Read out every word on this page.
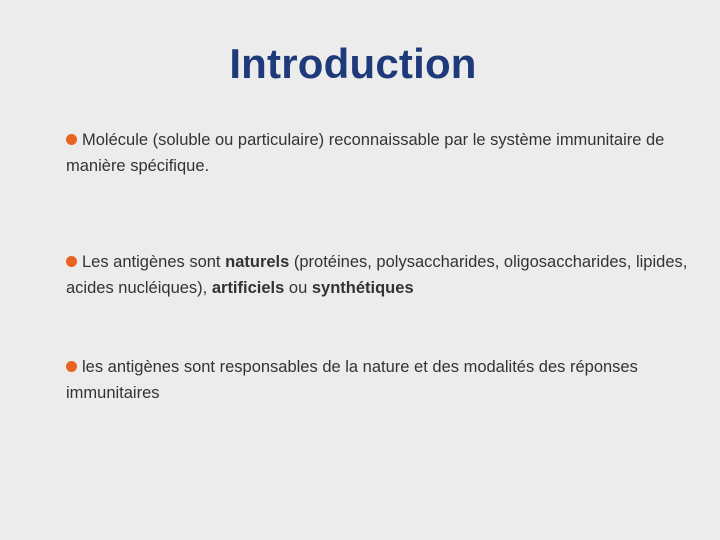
Introduction
Molécule (soluble ou particulaire) reconnaissable par le système immunitaire de manière spécifique.
Les antigènes sont naturels (protéines, polysaccharides, oligosaccharides, lipides, acides nucléiques), artificiels ou synthétiques
les antigènes sont responsables de la nature et des modalités des réponses immunitaires
